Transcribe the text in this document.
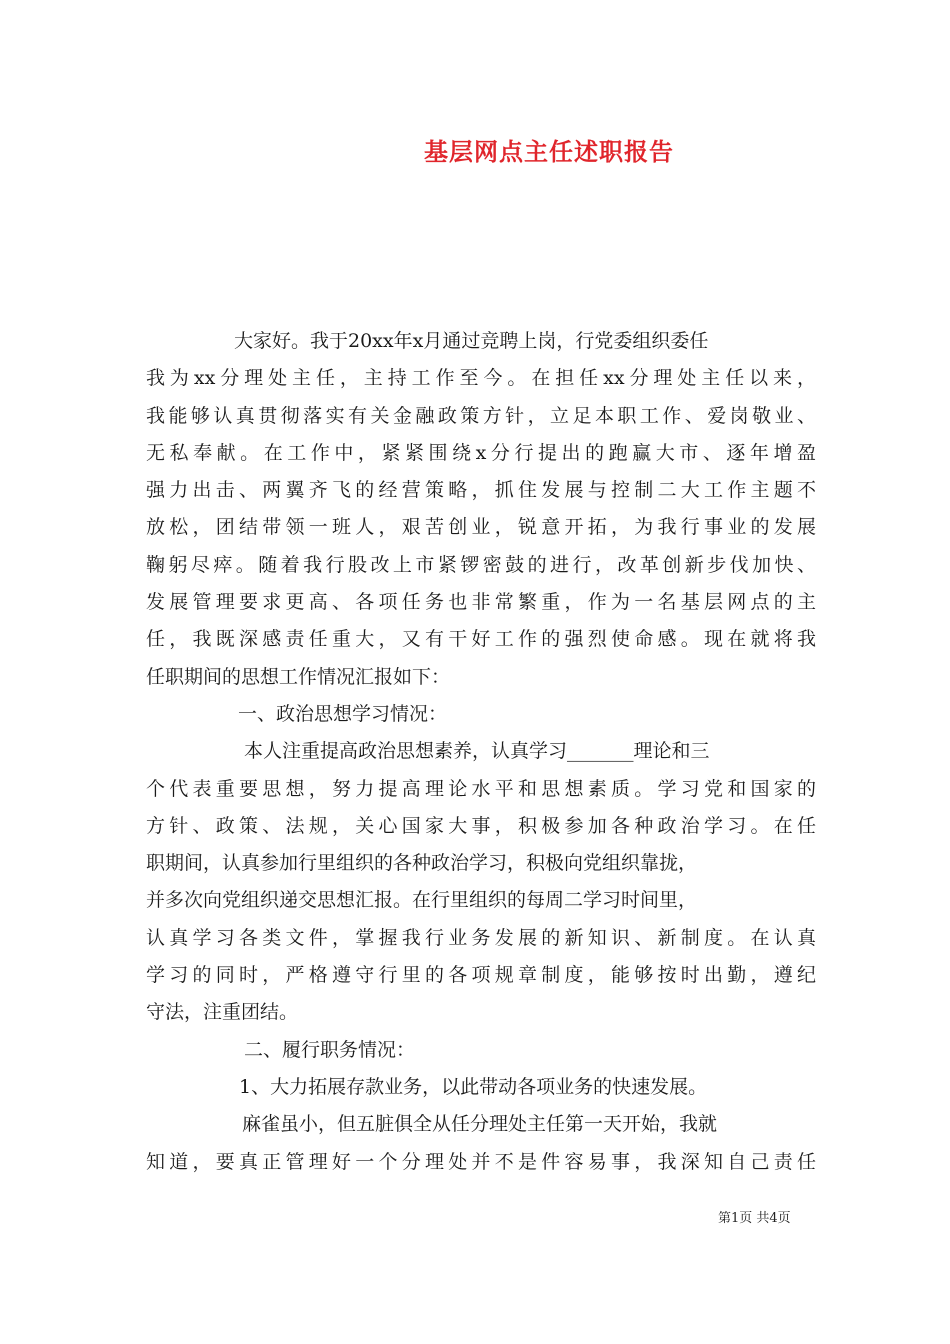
基层网点主任述职报告
大家好。我于20xx年x月通过竞聘上岗，行党委组织委任
我为xx分理处主任，主持工作至今。在担任xx分理处主任以来，
我能够认真贯彻落实有关金融政策方针，立足本职工作、爱岗敬业、
无私奉献。在工作中，紧紧围绕x分行提出的跑赢大市、逐年增盈
强力出击、两翼齐飞的经营策略，抓住发展与控制二大工作主题不
放松，团结带领一班人，艰苦创业，锐意开拓，为我行事业的发展
鞠躬尽瘁。随着我行股改上市紧锣密鼓的进行，改革创新步伐加快、
发展管理要求更高、各项任务也非常繁重，作为一名基层网点的主
任，我既深感责任重大，又有干好工作的强烈使命感。现在就将我
任职期间的思想工作情况汇报如下：
一、政治思想学习情况：
本人注重提高政治思想素养，认真学习_______理论和三
个代表重要思想，努力提高理论水平和思想素质。学习党和国家的
方针、政策、法规，关心国家大事，积极参加各种政治学习。在任
职期间，认真参加行里组织的各种政治学习，积极向党组织靠拢，
并多次向党组织递交思想汇报。在行里组织的每周二学习时间里，
认真学习各类文件，掌握我行业务发展的新知识、新制度。在认真
学习的同时，严格遵守行里的各项规章制度，能够按时出勤，遵纪
守法，注重团结。
二、履行职务情况：
1、大力拓展存款业务，以此带动各项业务的快速发展。
麻雀虽小，但五脏俱全从任分理处主任第一天开始，我就
知道，要真正管理好一个分理处并不是件容易事，我深知自己责任
第1页 共4页
